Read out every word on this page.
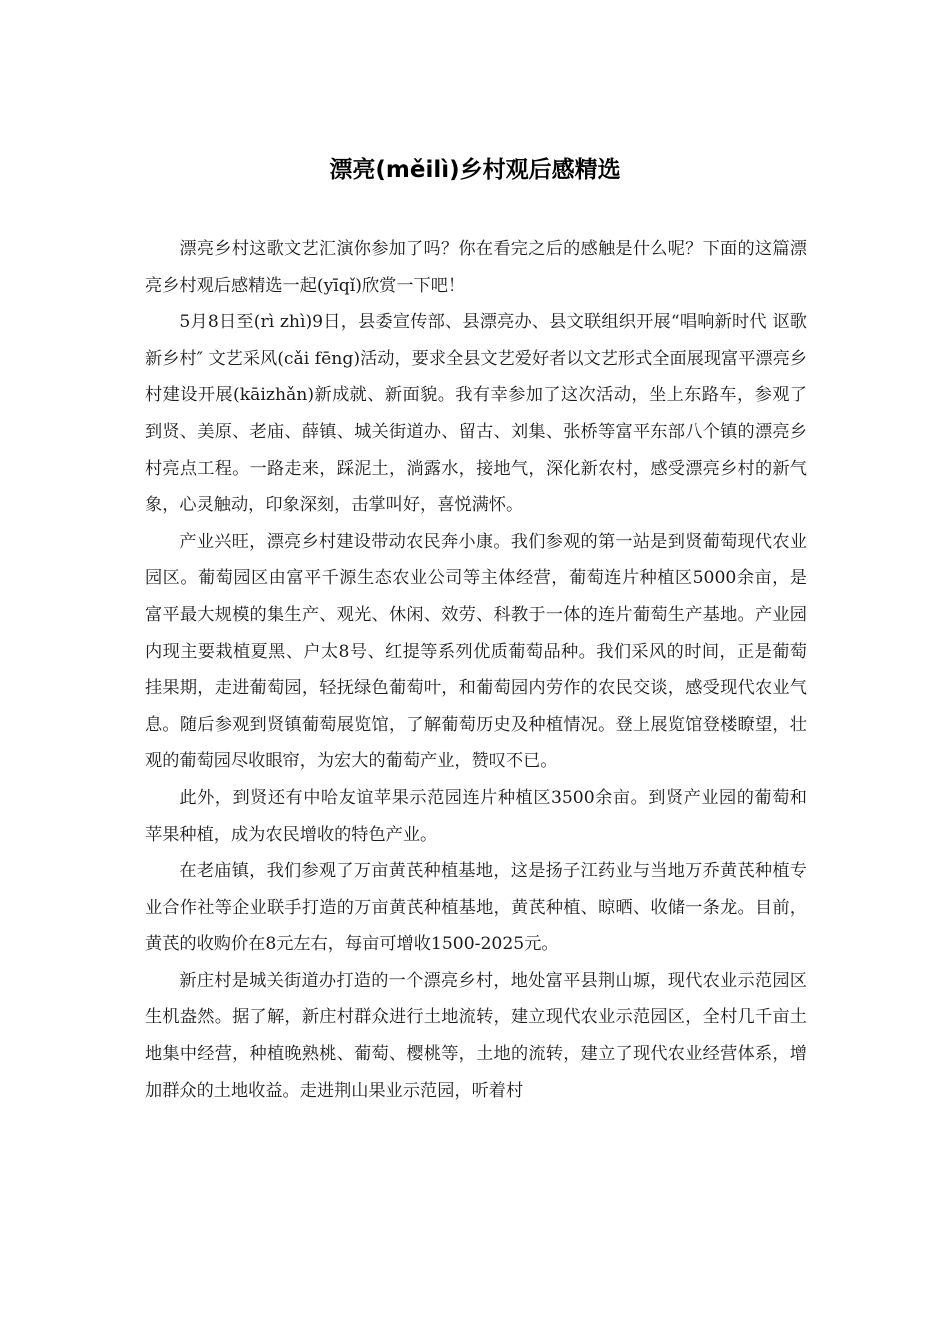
漂亮(měilì)乡村观后感精选

漂亮乡村这歌文艺汇演你参加了吗？你在看完之后的感触是什么呢？下面的这篇漂亮乡村观后感精选一起(yīqǐ)欣赏一下吧！

5月8日至(rì zhì)9日，县委宣传部、县漂亮办、县文联组织开展“唱响新时代 讴歌新乡村″ 文艺采风(cǎi fēng)活动，要求全县文艺爱好者以文艺形式全面展现富平漂亮乡村建设开展(kāizhǎn)新成就、新面貌。我有幸参加了这次活动，坐上东路车，参观了到贤、美原、老庙、薛镇、城关街道办、留古、刘集、张桥等富平东部八个镇的漂亮乡村亮点工程。一路走来，踩泥土，淌露水，接地气，深化新农村，感受漂亮乡村的新气象，心灵触动，印象深刻，击掌叫好，喜悦满怀。

产业兴旺，漂亮乡村建设带动农民奔小康。我们参观的第一站是到贤葡萄现代农业园区。葡萄园区由富平千源生态农业公司等主体经营，葡萄连片种植区5000余亩，是富平最大规模的集生产、观光、休闲、效劳、科教于一体的连片葡萄生产基地。产业园内现主要栽植夏黑、户太8号、红提等系列优质葡萄品种。我们采风的时间，正是葡萄挂果期，走进葡萄园，轻抚绿色葡萄叶，和葡萄园内劳作的农民交谈，感受现代农业气息。随后参观到贤镇葡萄展览馆，了解葡萄历史及种植情况。登上展览馆登楼瞭望，壮观的葡萄园尽收眼帘，为宏大的葡萄产业，赞叹不已。

此外，到贤还有中哈友谊苹果示范园连片种植区3500余亩。到贤产业园的葡萄和苹果种植，成为农民增收的特色产业。

在老庙镇，我们参观了万亩黄芪种植基地，这是扬子江药业与当地万乔黄芪种植专业合作社等企业联手打造的万亩黄芪种植基地，黄芪种植、晾晒、收储一条龙。目前，黄芪的收购价在8元左右，每亩可增收1500-2025元。

新庄村是城关街道办打造的一个漂亮乡村，地处富平县荆山塬，现代农业示范园区生机盎然。据了解，新庄村群众进行土地流转，建立现代农业示范园区，全村几千亩土地集中经营，种植晚熟桃、葡萄、樱桃等，土地的流转，建立了现代农业经营体系，增加群众的土地收益。走进荆山果业示范园，听着村
